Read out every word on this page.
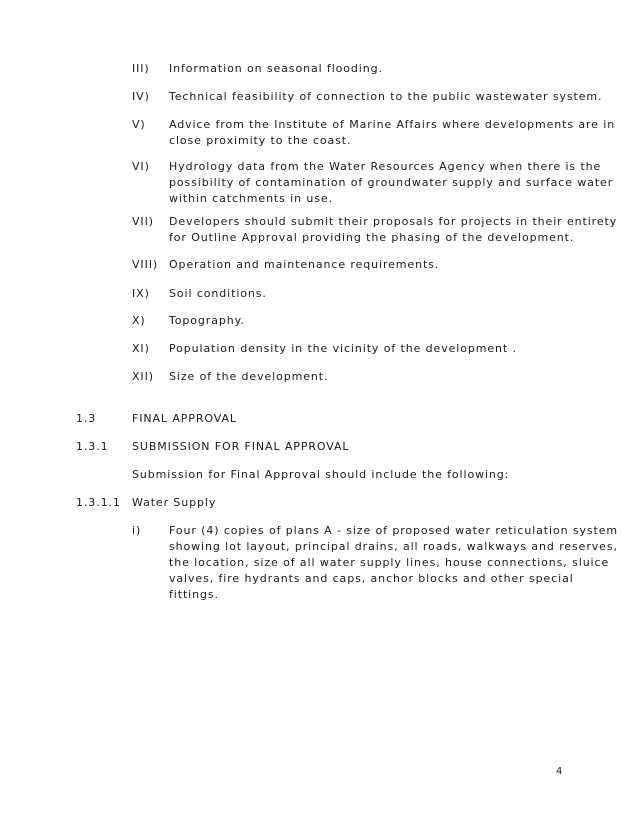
III) Information on seasonal flooding.
IV) Technical feasibility of connection to the public wastewater system.
V) Advice from the Institute of Marine Affairs where developments are in
close proximity to the coast.
VI) Hydrology data from the Water Resources Agency when there is the
possibility of contamination of groundwater supply and surface water
within catchments in use.
VII) Developers should submit their proposals for projects in their entirety
for Outline Approval providing the phasing of the development.
VIII) Operation and maintenance requirements.
IX) Soil conditions.
X) Topography.
XI) Population density in the vicinity of the development .
XII) Size of the development.
1.3	FINAL APPROVAL
1.3.1 SUBMISSION FOR FINAL APPROVAL
Submission for Final Approval should include the following:
1.3.1.1 Water Supply
i)	Four (4) copies of plans A - size of proposed water reticulation system
showing lot layout, principal drains, all roads, walkways and reserves,
the location, size of all water supply lines, house connections, sluice
valves, fire hydrants and caps, anchor blocks and other special
fittings.
4
